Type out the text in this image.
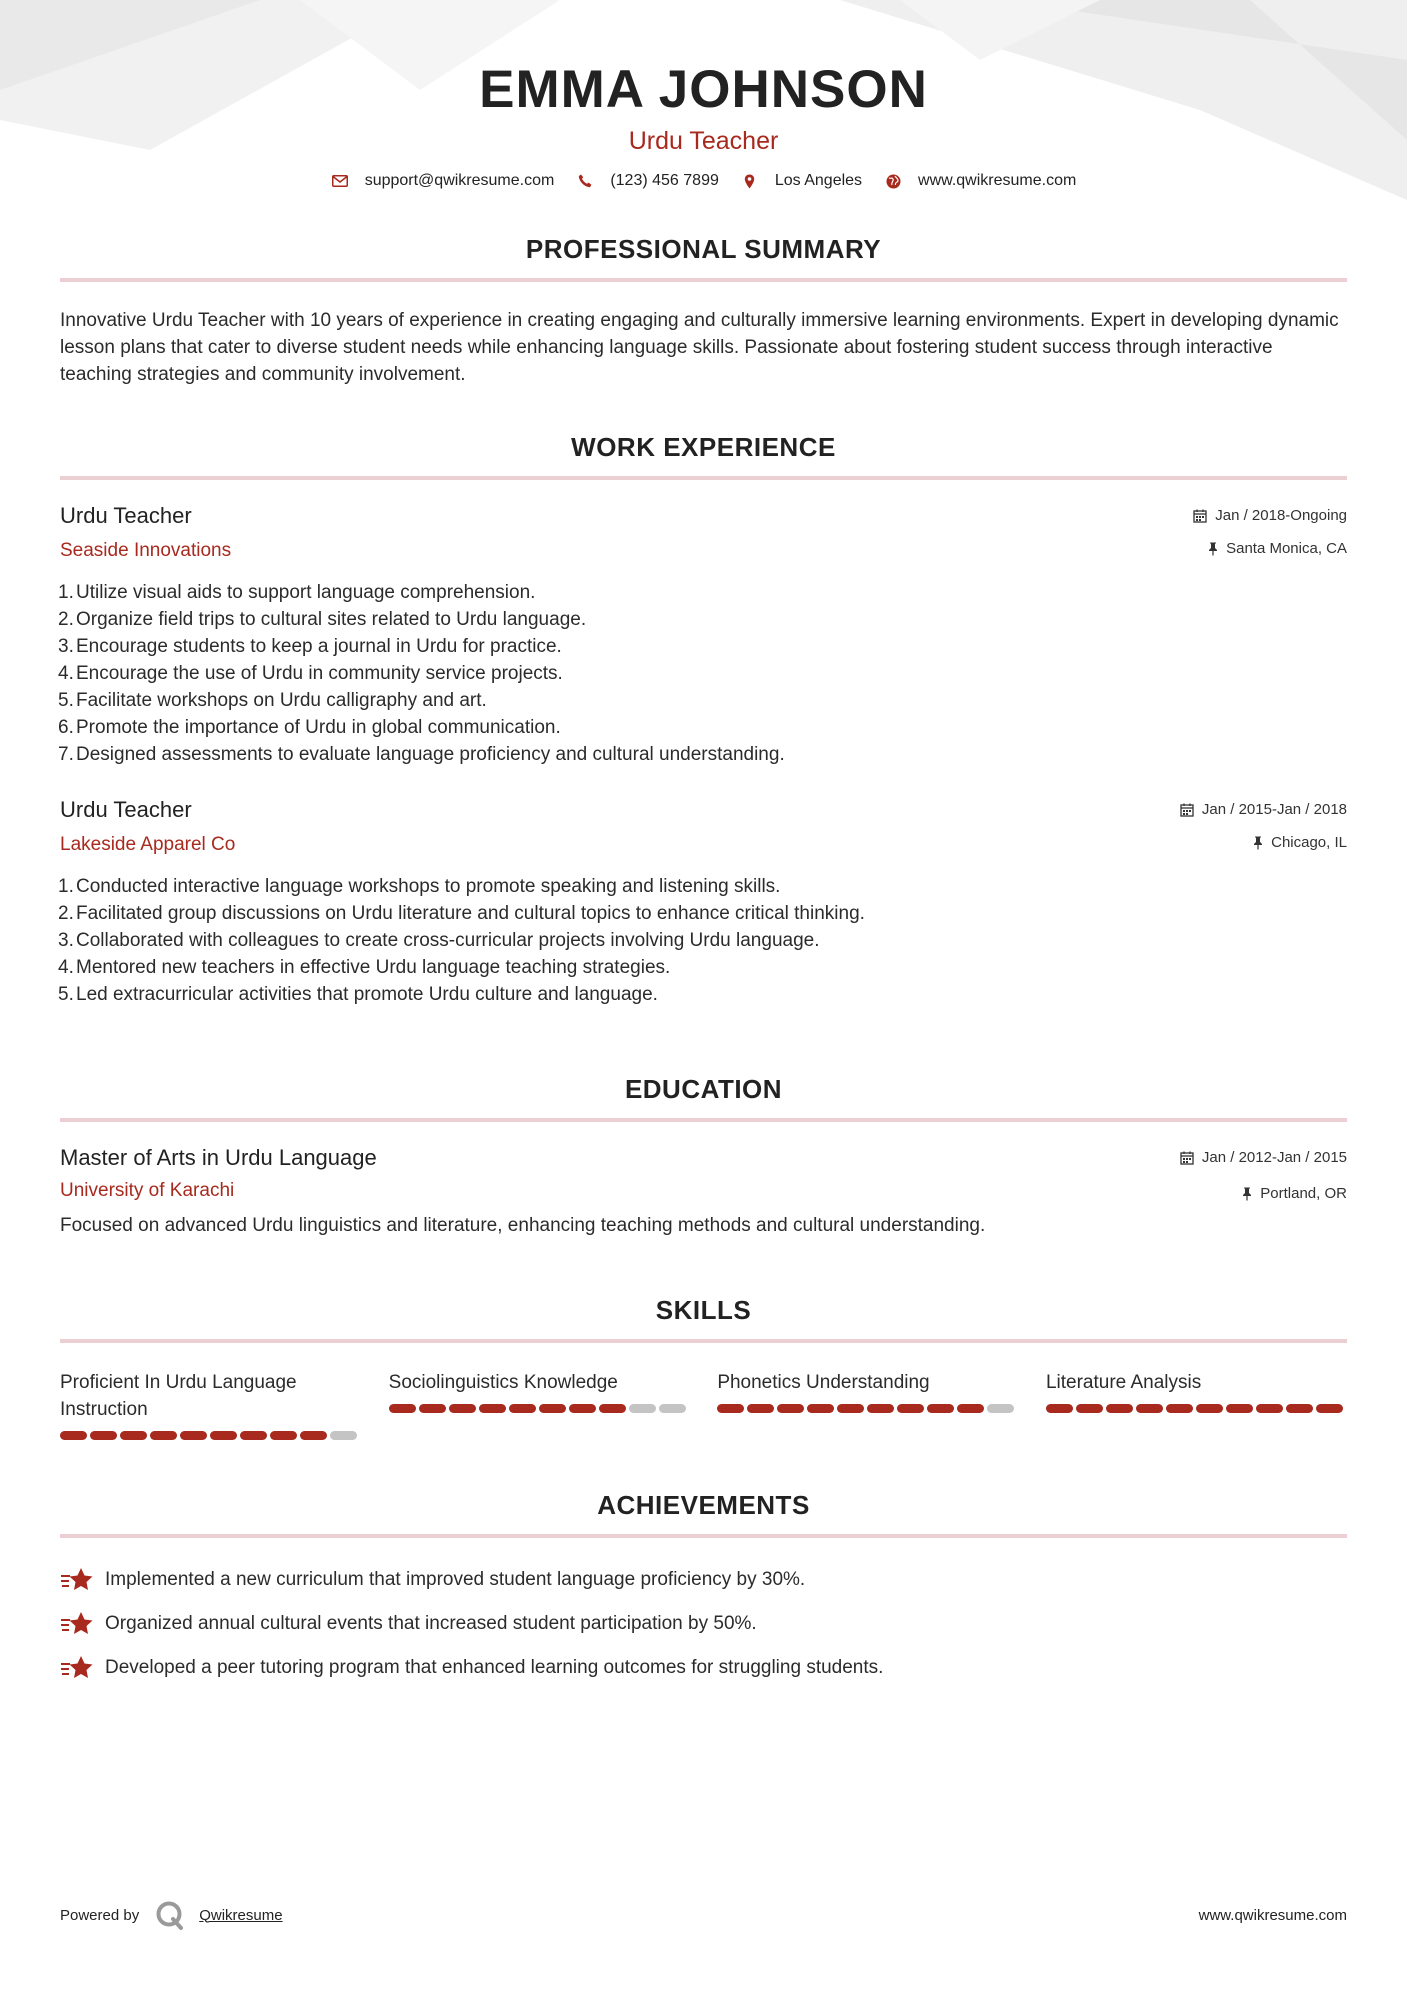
EMMA JOHNSON
Urdu Teacher
support@qwikresume.com	(123) 456 7899	Los Angeles	www.qwikresume.com
PROFESSIONAL SUMMARY

Innovative Urdu Teacher with 10 years of experience in creating engaging and culturally immersive learning environments. Expert in developing dynamic lesson plans that cater to diverse student needs while enhancing language skills. Passionate about fostering student success through interactive teaching strategies and community involvement.

WORK EXPERIENCE
Urdu Teacher
Seaside Innovations
Jan / 2018-Ongoing
Santa Monica, CA
1. Utilize visual aids to support language comprehension.
2. Organize field trips to cultural sites related to Urdu language.
3. Encourage students to keep a journal in Urdu for practice.
4. Encourage the use of Urdu in community service projects.
5. Facilitate workshops on Urdu calligraphy and art.
6. Promote the importance of Urdu in global communication.
7. Designed assessments to evaluate language proficiency and cultural understanding.
Urdu Teacher
Lakeside Apparel Co
Jan / 2015-Jan / 2018
Chicago, IL
1. Conducted interactive language workshops to promote speaking and listening skills.
2. Facilitated group discussions on Urdu literature and cultural topics to enhance critical thinking.
3. Collaborated with colleagues to create cross-curricular projects involving Urdu language.
4. Mentored new teachers in effective Urdu language teaching strategies.
5. Led extracurricular activities that promote Urdu culture and language.
EDUCATION
Master of Arts in Urdu Language
University of Karachi
Jan / 2012-Jan / 2015
Portland, OR

Focused on advanced Urdu linguistics and literature, enhancing teaching methods and cultural understanding.

SKILLS
Proficient In Urdu Language Instruction
Sociolinguistics Knowledge	Phonetics Understanding	Literature Analysis
ACHIEVEMENTS
Implemented a new curriculum that improved student language proficiency by 30%.
Organized annual cultural events that increased student participation by 50%.
Developed a peer tutoring program that enhanced learning outcomes for struggling students.
Powered by	Qwikresume	www.qwikresume.com
